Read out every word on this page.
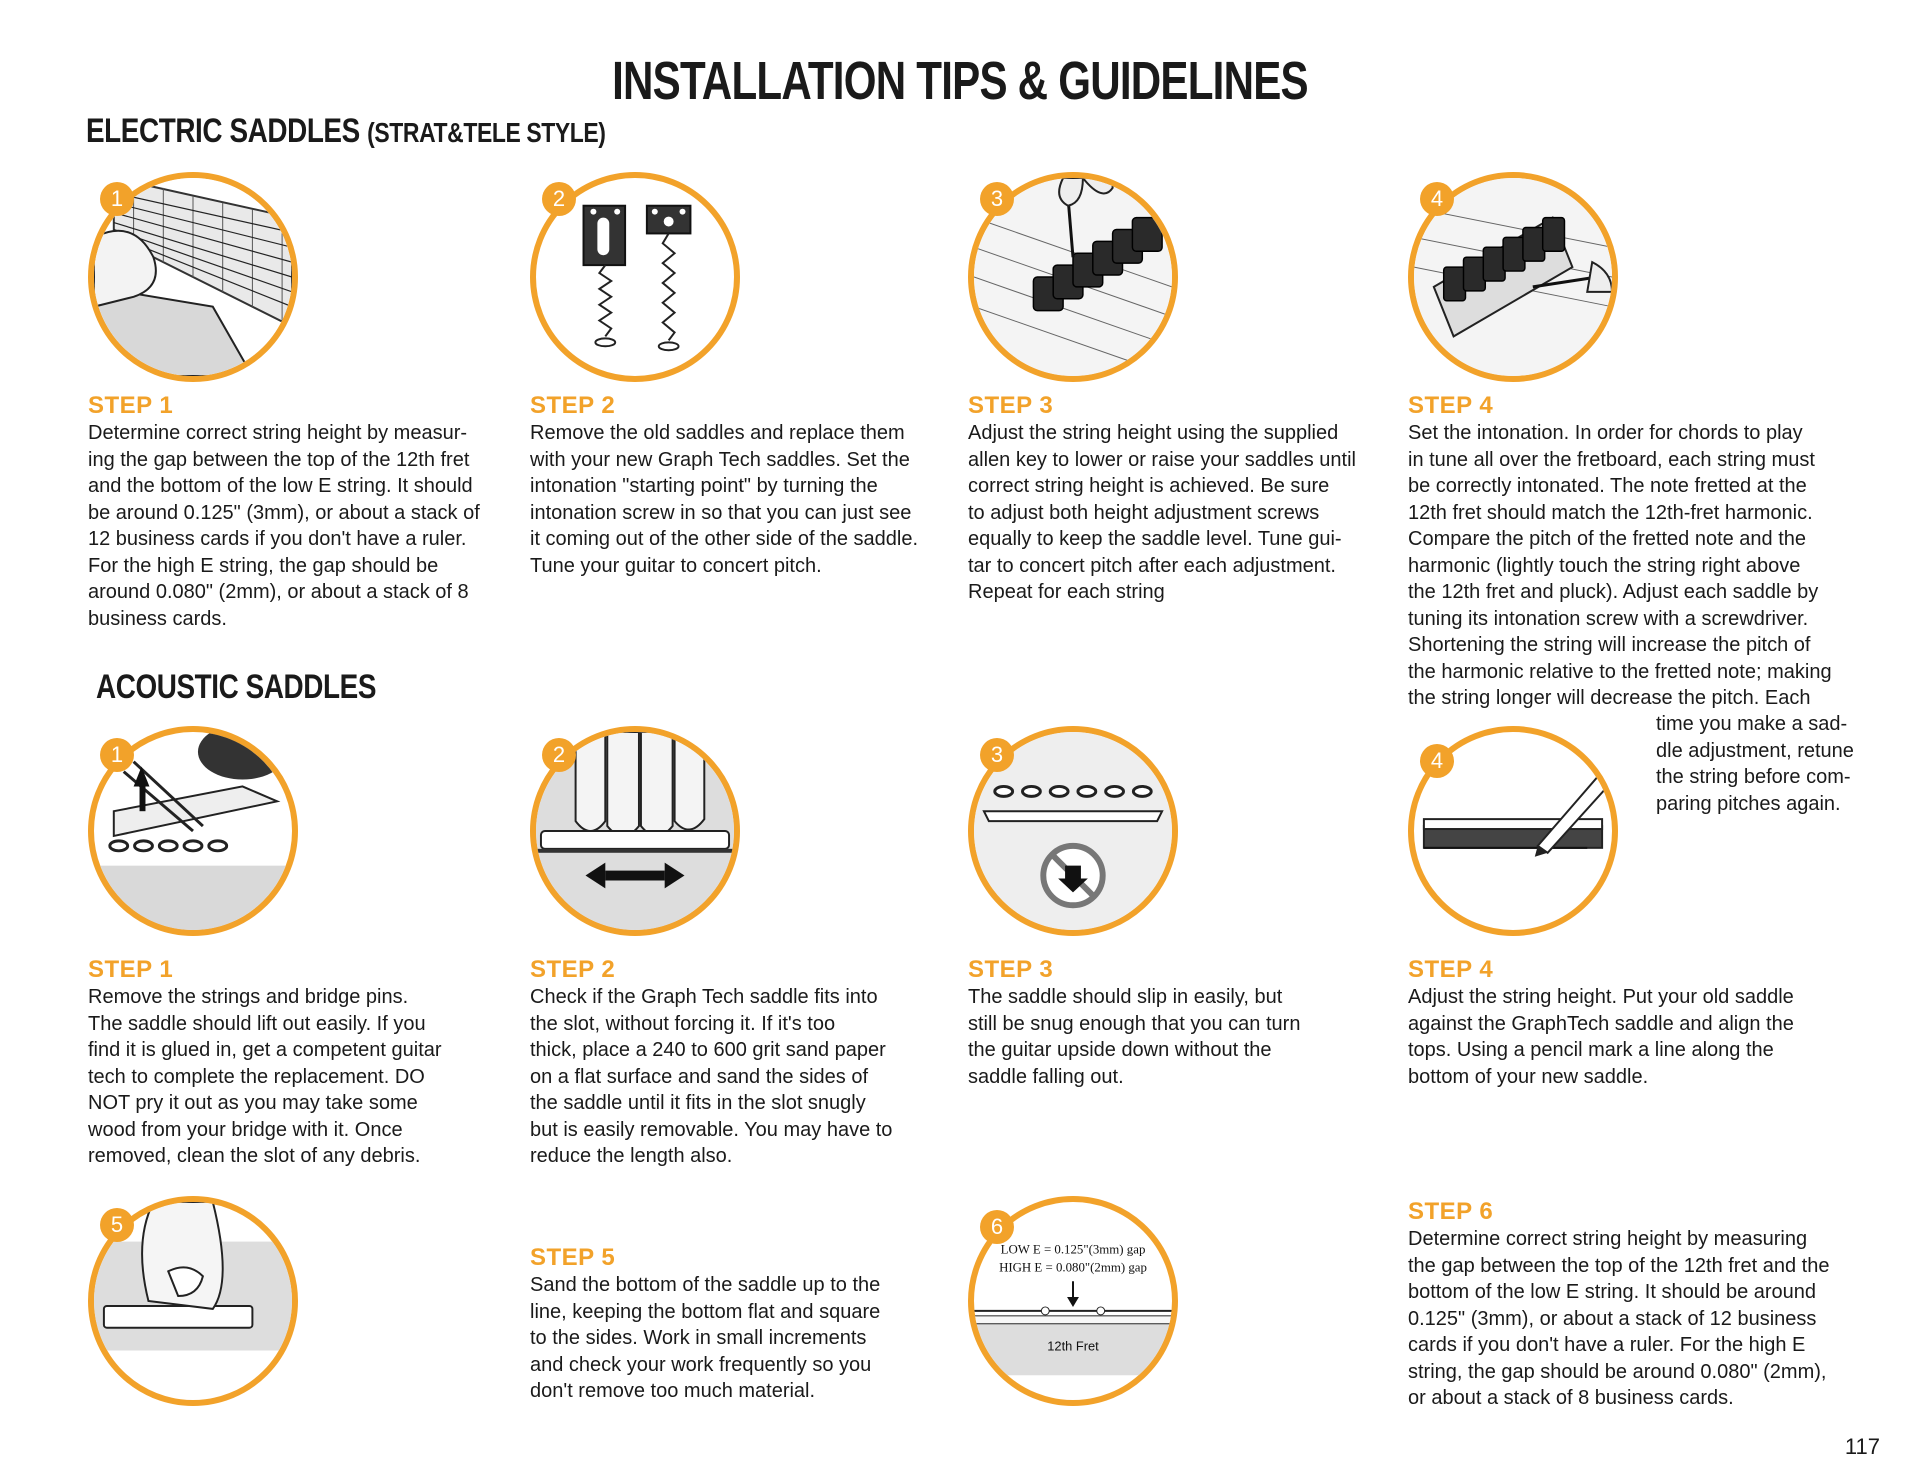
INSTALLATION TIPS & GUIDELINES
ELECTRIC SADDLES (STRAT&TELE STYLE)
1
STEP 1

Determine correct string height by measur-
ing the gap between the top of the 12th fret
and the bottom of the low E string. It should
be around 0.125" (3mm), or about a stack of
12 business cards if you don't have a ruler.
For the high E string, the gap should be
around 0.080" (2mm), or about a stack of 8
business cards.

2
STEP 2

Remove the old saddles and replace them
with your new Graph Tech saddles. Set the
intonation "starting point" by turning the
intonation screw in so that you can just see
it coming out of the other side of the saddle.
Tune your guitar to concert pitch.

3
STEP 3

Adjust the string height using the supplied
allen key to lower or raise your saddles until
correct string height is achieved. Be sure
to adjust both height adjustment screws
equally to keep the saddle level. Tune gui-
tar to concert pitch after each adjustment.
Repeat for each string

4
STEP 4

Set the intonation. In order for chords to play
in tune all over the fretboard, each string must
be correctly intonated. The note fretted at the
12th fret should match the 12th-fret harmonic.
Compare the pitch of the fretted note and the
harmonic (lightly touch the string right above
the 12th fret and pluck). Adjust each saddle by
tuning its intonation screw with a screwdriver.
Shortening the string will increase the pitch of
the harmonic relative to the fretted note; making
the string longer will decrease the pitch. Each

time you make a sad-
dle adjustment, retune
the string before com-
paring pitches again.

ACOUSTIC SADDLES
1
STEP 1

Remove the strings and bridge pins.
The saddle should lift out easily. If you
find it is glued in, get a competent guitar
tech to complete the replacement. DO
NOT pry it out as you may take some
wood from your bridge with it. Once
removed, clean the slot of any debris.

2
STEP 2

Check if the Graph Tech saddle fits into
the slot, without forcing it. If it's too
thick, place a 240 to 600 grit sand paper
on a flat surface and sand the sides of
the saddle until it fits in the slot snugly
but is easily removable. You may have to
reduce the length also.

3
STEP 3

The saddle should slip in easily, but
still be snug enough that you can turn
the guitar upside down without the
saddle falling out.

4
STEP 4

Adjust the string height. Put your old saddle
against the GraphTech saddle and align the
tops. Using a pencil mark a line along the
bottom of your new saddle.

5
STEP 5

Sand the bottom of the saddle up to the
line, keeping the bottom flat and square
to the sides. Work in small increments
and check your work frequently so you
don't remove too much material.

LOW E = 0.125"(3mm) gap
HIGH E = 0.080"(2mm) gap
12th Fret
6
STEP 6

Determine correct string height by measuring
the gap between the top of the 12th fret and the
bottom of the low E string. It should be around
0.125" (3mm), or about a stack of 12 business
cards if you don't have a ruler. For the high E
string, the gap should be around 0.080" (2mm),
or about a stack of 8 business cards.

117
